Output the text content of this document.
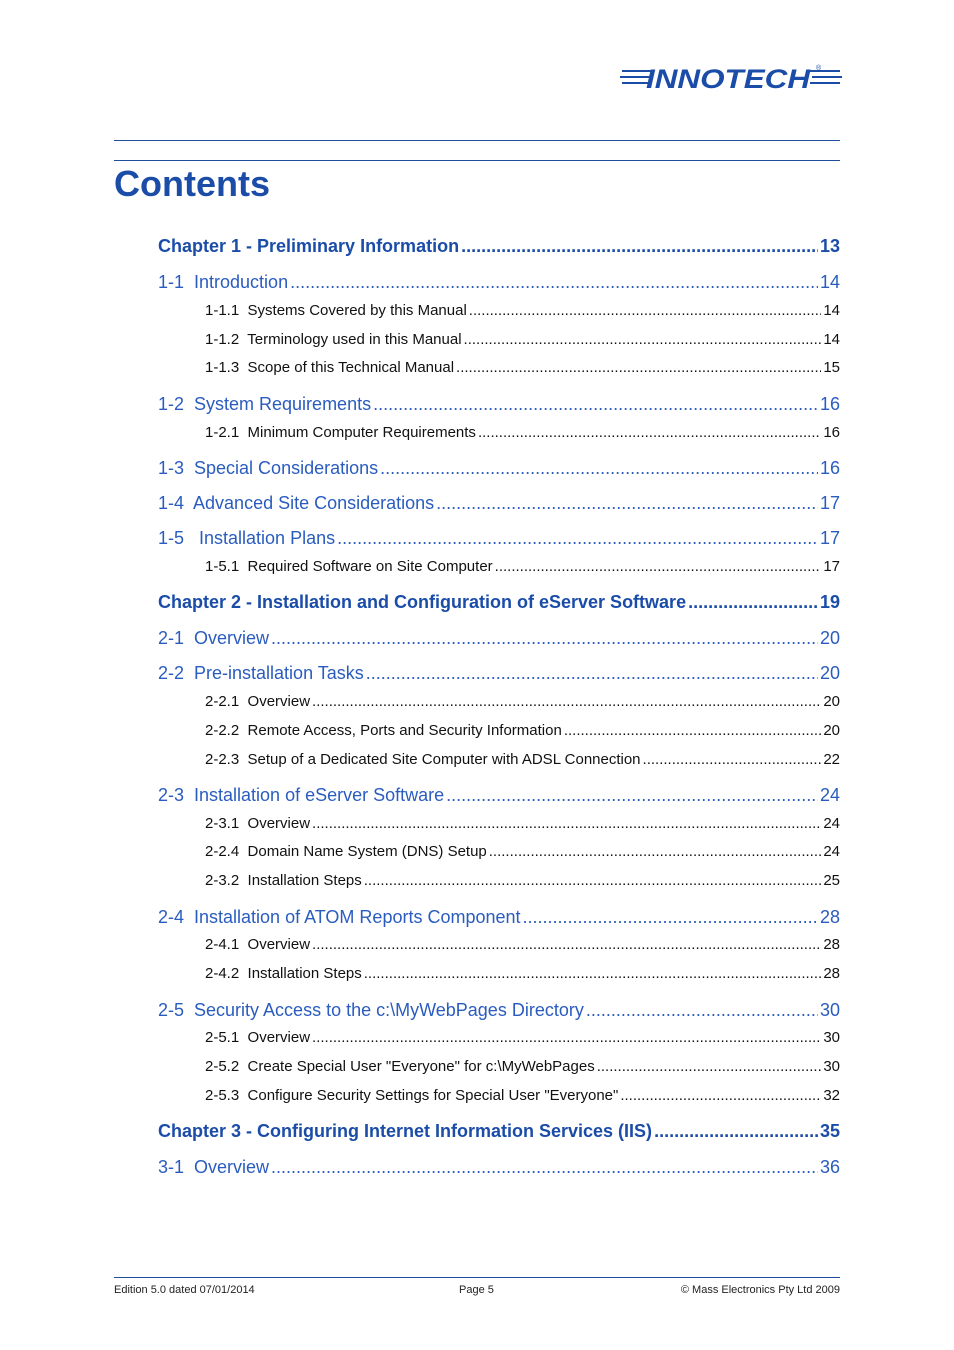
INNOTECH ®
Contents
Chapter 1 - Preliminary Information .....	13
1-1  Introduction .....	14
1-1.1  Systems Covered by this Manual .....	14
1-1.2  Terminology used in this Manual .....	14
1-1.3  Scope of this Technical Manual .....	15
1-2  System Requirements .....	16
1-2.1  Minimum Computer Requirements .....	16
1-3  Special Considerations .....	16
1-4  Advanced Site Considerations .....	17
1-5   Installation Plans .....	17
1-5.1  Required Software on Site Computer .....	17
Chapter 2 - Installation and Configuration of eServer Software .....	19
2-1  Overview .....	20
2-2  Pre-installation Tasks .....	20
2-2.1  Overview .....	20
2-2.2  Remote Access, Ports and Security Information .....	20
2-2.3  Setup of a Dedicated Site Computer with ADSL Connection .....	22
2-3  Installation of eServer Software .....	24
2-3.1  Overview .....	24
2-2.4  Domain Name System (DNS) Setup .....	24
2-3.2  Installation Steps .....	25
2-4  Installation of ATOM Reports Component .....	28
2-4.1  Overview .....	28
2-4.2  Installation Steps .....	28
2-5  Security Access to the c:\MyWebPages Directory .....	30
2-5.1  Overview .....	30
2-5.2  Create Special User "Everyone" for c:\MyWebPages .....	30
2-5.3  Configure Security Settings for Special User "Everyone" .....	32
Chapter 3 - Configuring Internet Information Services (IIS) .....	35
3-1  Overview .....	36
Edition 5.0 dated 07/01/2014	Page 5	© Mass Electronics Pty Ltd 2009
